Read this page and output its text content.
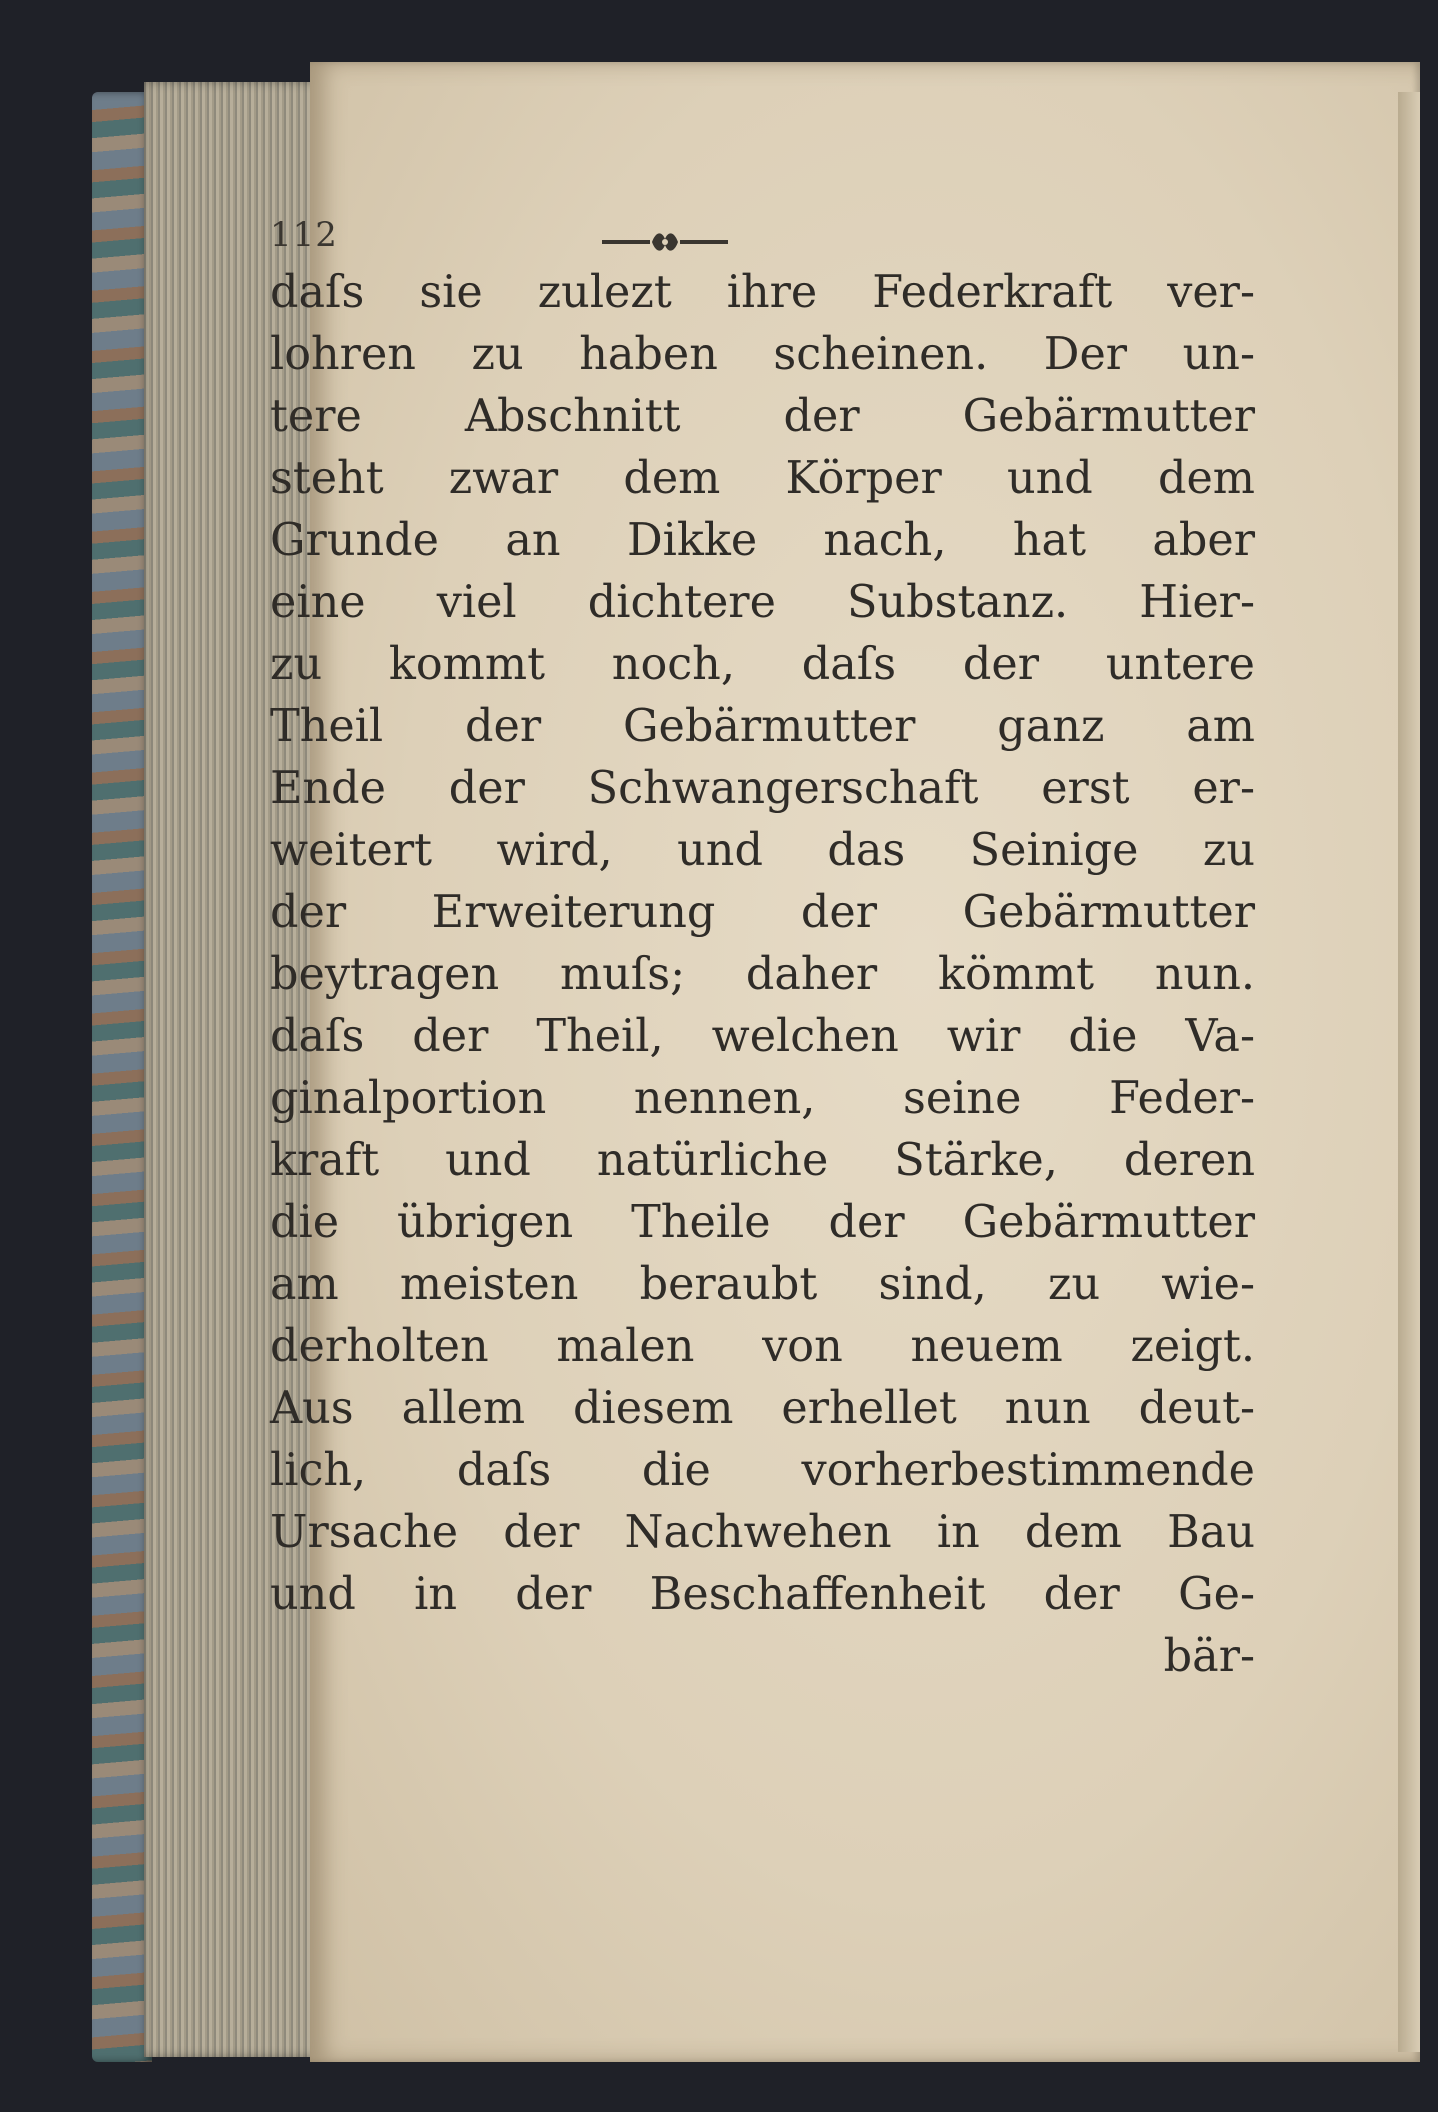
112
daſs sie zulezt ihre Federkraft ver-
lohren zu haben scheinen. Der un-
tere Abschnitt der Gebärmutter
steht zwar dem Körper und dem
Grunde an Dikke nach, hat aber
eine viel dichtere Substanz. Hier-
zu kommt noch, daſs der untere
Theil der Gebärmutter ganz am
Ende der Schwangerschaft erst er-
weitert wird, und das Seinige zu
der Erweiterung der Gebärmutter
beytragen muſs; daher kömmt nun.
daſs der Theil, welchen wir die Va-
ginalportion nennen, seine Feder-
kraft und natürliche Stärke, deren
die übrigen Theile der Gebärmutter
am meisten beraubt sind, zu wie-
derholten malen von neuem zeigt.
Aus allem diesem erhellet nun deut-
lich, daſs die vorherbestimmende
Ursache der Nachwehen in dem Bau
und in der Beschaffenheit der Ge-
bär-
